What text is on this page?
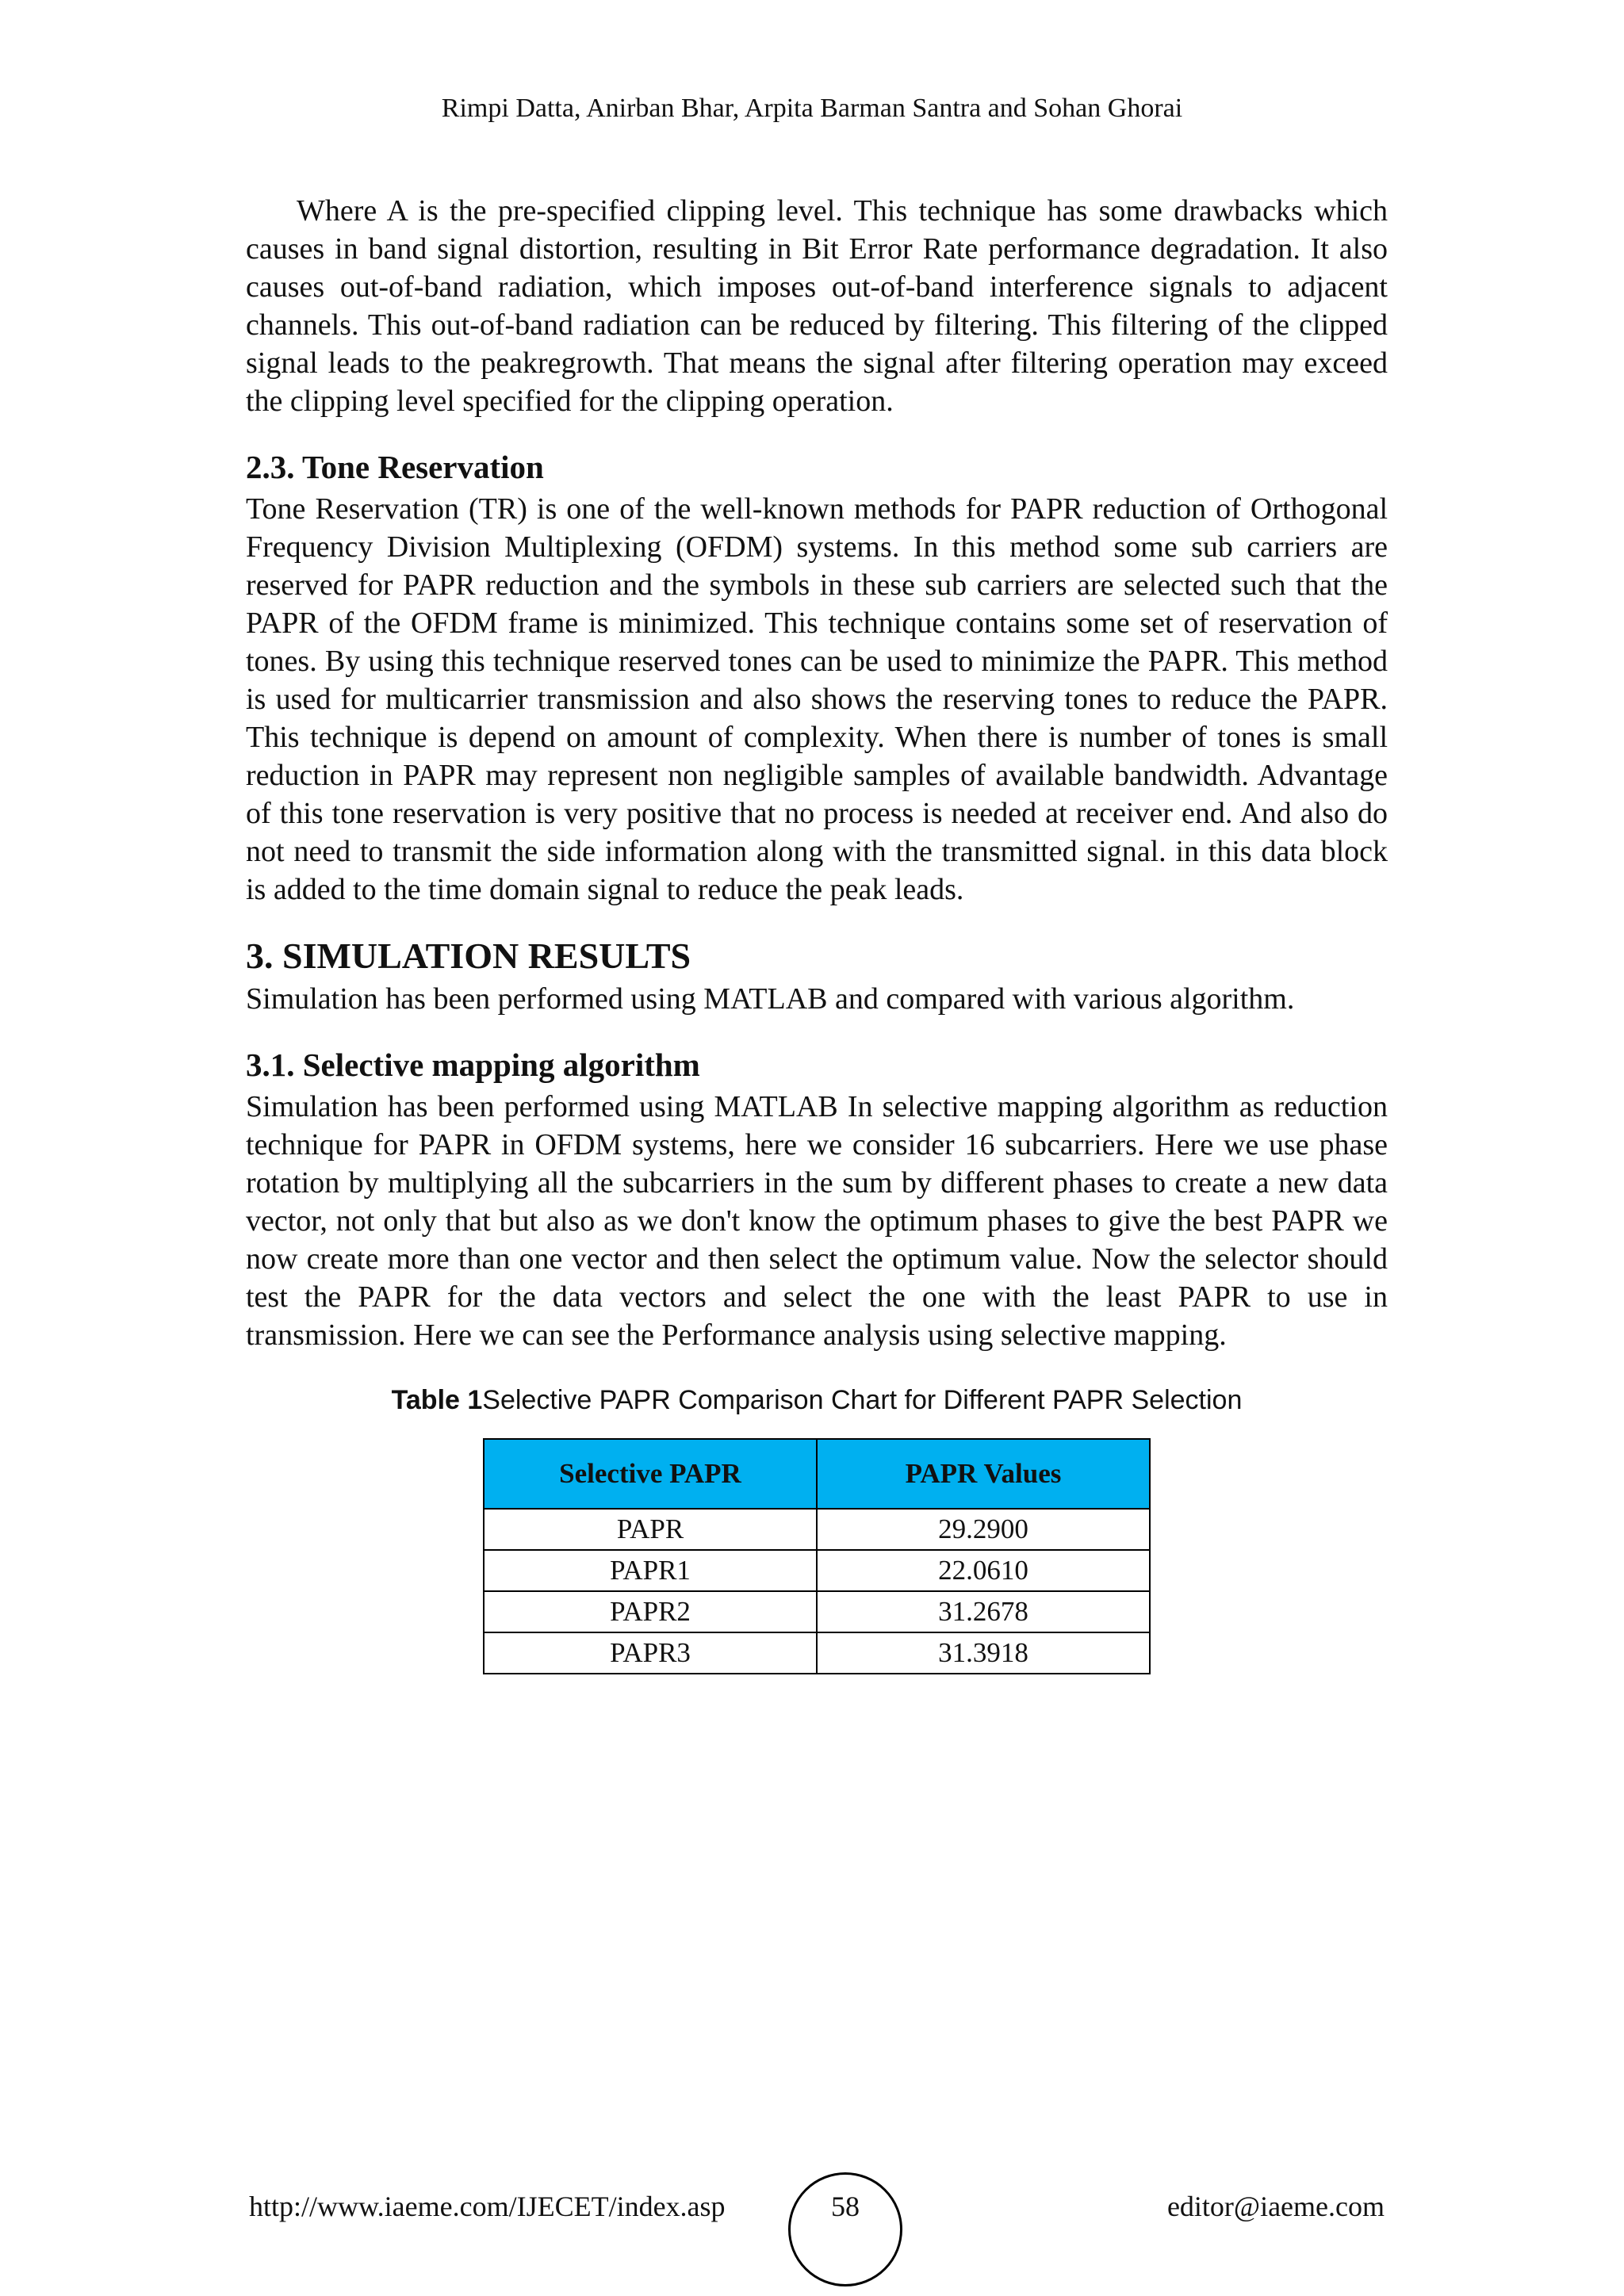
Rimpi Datta, Anirban Bhar, Arpita Barman Santra and Sohan Ghorai

Where A is the pre-specified clipping level. This technique has some drawbacks which causes in band signal distortion, resulting in Bit Error Rate performance degradation. It also causes out-of-band radiation, which imposes out-of-band interference signals to adjacent channels. This out-of-band radiation can be reduced by filtering. This filtering of the clipped signal leads to the peakregrowth. That means the signal after filtering operation may exceed the clipping level specified for the clipping operation.

2.3. Tone Reservation

Tone Reservation (TR) is one of the well-known methods for PAPR reduction of Orthogonal Frequency Division Multiplexing (OFDM) systems. In this method some sub carriers are reserved for PAPR reduction and the symbols in these sub carriers are selected such that the PAPR of the OFDM frame is minimized. This technique contains some set of reservation of tones. By using this technique reserved tones can be used to minimize the PAPR. This method is used for multicarrier transmission and also shows the reserving tones to reduce the PAPR. This technique is depend on amount of complexity. When there is number of tones is small reduction in PAPR may represent non negligible samples of available bandwidth. Advantage of this tone reservation is very positive that no process is needed at receiver end. And also do not need to transmit the side information along with the transmitted signal. in this data block is added to the time domain signal to reduce the peak leads.

3. SIMULATION RESULTS

Simulation has been performed using MATLAB and compared with various algorithm.

3.1. Selective mapping algorithm

Simulation has been performed using MATLAB In selective mapping algorithm as reduction technique for PAPR in OFDM systems, here we consider 16 subcarriers. Here we use phase rotation by multiplying all the subcarriers in the sum by different phases to create a new data vector, not only that but also as we don't know the optimum phases to give the best PAPR we now create more than one vector and then select the optimum value. Now the selector should test the PAPR for the data vectors and select the one with the least PAPR to use in transmission. Here we can see the Performance analysis using selective mapping.

Table 1Selective PAPR Comparison Chart for Different PAPR Selection
Selective PAPR	PAPR Values
PAPR	29.2900
PAPR1	22.0610
PAPR2	31.2678
PAPR3	31.3918
http://www.iaeme.com/IJECET/index.asp	58	editor@iaeme.com
